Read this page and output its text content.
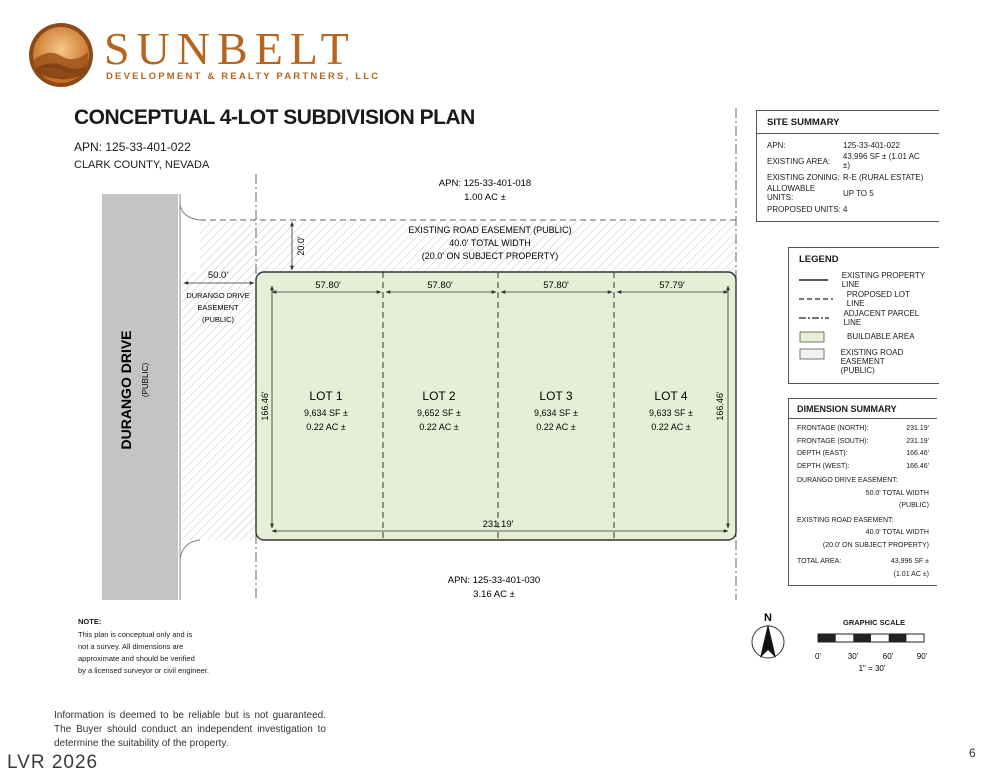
SUNBELT
DEVELOPMENT & REALTY PARTNERS, LLC
CONCEPTUAL 4-LOT SUBDIVISION PLAN
APN: 125-33-401-022
CLARK COUNTY, NEVADA
APN: 125-33-401-018
1.00 AC ±
EXISTING ROAD EASEMENT (PUBLIC)
40.0' TOTAL WIDTH
(20.0' ON SUBJECT PROPERTY)
20.0'
50.0'
DURANGO DRIVE
EASEMENT
(PUBLIC)
DURANGO DRIVE (PUBLIC)
166.46'	166.46'
231.19'
57.80'
LOT 1
9,634 SF ±
0.22 AC ±
57.80'
LOT 2
9,652 SF ±
0.22 AC ±
57.80'
LOT 3
9,634 SF ±
0.22 AC ±
57.79'
LOT 4
9,633 SF ±
0.22 AC ±
APN: 125-33-401-030
3.16 AC ±
N
0'	30'	60'	90'
1" = 30'
GRAPHIC SCALE
SITE SUMMARY
APN:	125-33-401-022
EXISTING AREA:	43,996 SF ± (1.01 AC ±)
EXISTING ZONING: R-E (RURAL ESTATE)
ALLOWABLE UNITS:	UP TO 5
PROPOSED UNITS: 4
LEGEND
EXISTING PROPERTY LINE
PROPOSED LOT LINE
ADJACENT PARCEL LINE
BUILDABLE AREA
EXISTING ROAD EASEMENT
(PUBLIC)
DIMENSION SUMMARY
FRONTAGE (NORTH):	231.19'
FRONTAGE (SOUTH):	231.19'
DEPTH (EAST):	166.46'
DEPTH (WEST):	166.46'
DURANGO DRIVE EASEMENT:
50.0' TOTAL WIDTH
(PUBLIC)
EXISTING ROAD EASEMENT:
40.0' TOTAL WIDTH
(20.0' ON SUBJECT PROPERTY)
TOTAL AREA:	43,996 SF ±
(1.01 AC ±)
NOTE:
This plan is conceptual only and is
not a survey. All dimensions are
approximate and should be verified
by a licensed surveyor or civil engineer.
Information is deemed to be reliable but is not guaranteed. The Buyer should conduct an independent investigation to determine the suitability of the property.
6
LVR 2026
